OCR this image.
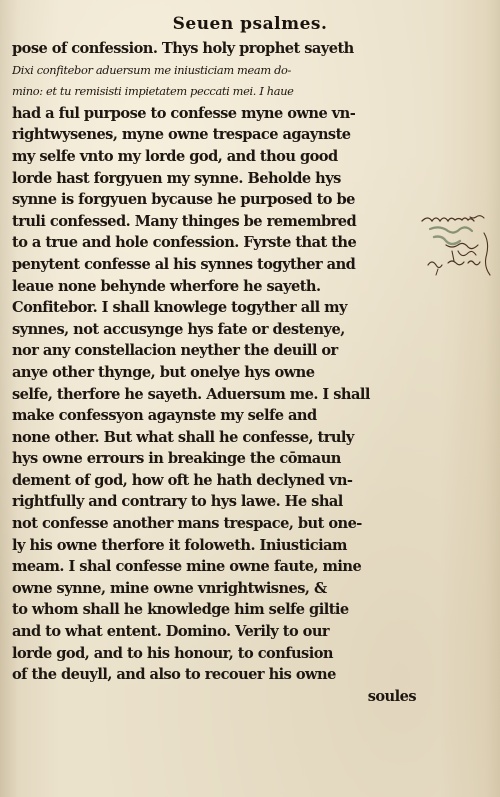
Seuen psalmes.
pose of confession. Thys holy prophet sayeth
Dixi confitebor aduersum me iniusticiam meam do-
mino: et tu remisisti impietatem peccati mei. I haue
had a ful purpose to confesse myne owne vn-
rightwysenes, myne owne trespace agaynste
my selfe vnto my lorde god, and thou good
lorde hast forgyuen my synne. Beholde hys
synne is forgyuen bycause he purposed to be
truli confessed. Many thinges be remembred
to a true and hole confession. Fyrste that the
penytent confesse al his synnes togyther and
leaue none behynde wherfore he sayeth.
Confitebor. I shall knowlege togyther all my
synnes, not accusynge hys fate or destenye,
nor any constellacion neyther the deuill or
anye other thynge, but onelye hys owne
selfe, therfore he sayeth. Aduersum me. I shall
make confessyon agaynste my selfe and
none other. But what shall he confesse, truly
hys owne errours in breakinge the cōmaun
dement of god, how oft he hath declyned vn-
rightfully and contrary to hys lawe. He shal
not confesse another mans trespace, but one-
ly his owne therfore it foloweth. Iniusticiam
meam. I shal confesse mine owne faute, mine
owne synne, mine owne vnrightwisnes, &
to whom shall he knowledge him selfe giltie
and to what entent. Domino. Verily to our
lorde god, and to his honour, to confusion
of the deuyll, and also to recouer his owne
soules
